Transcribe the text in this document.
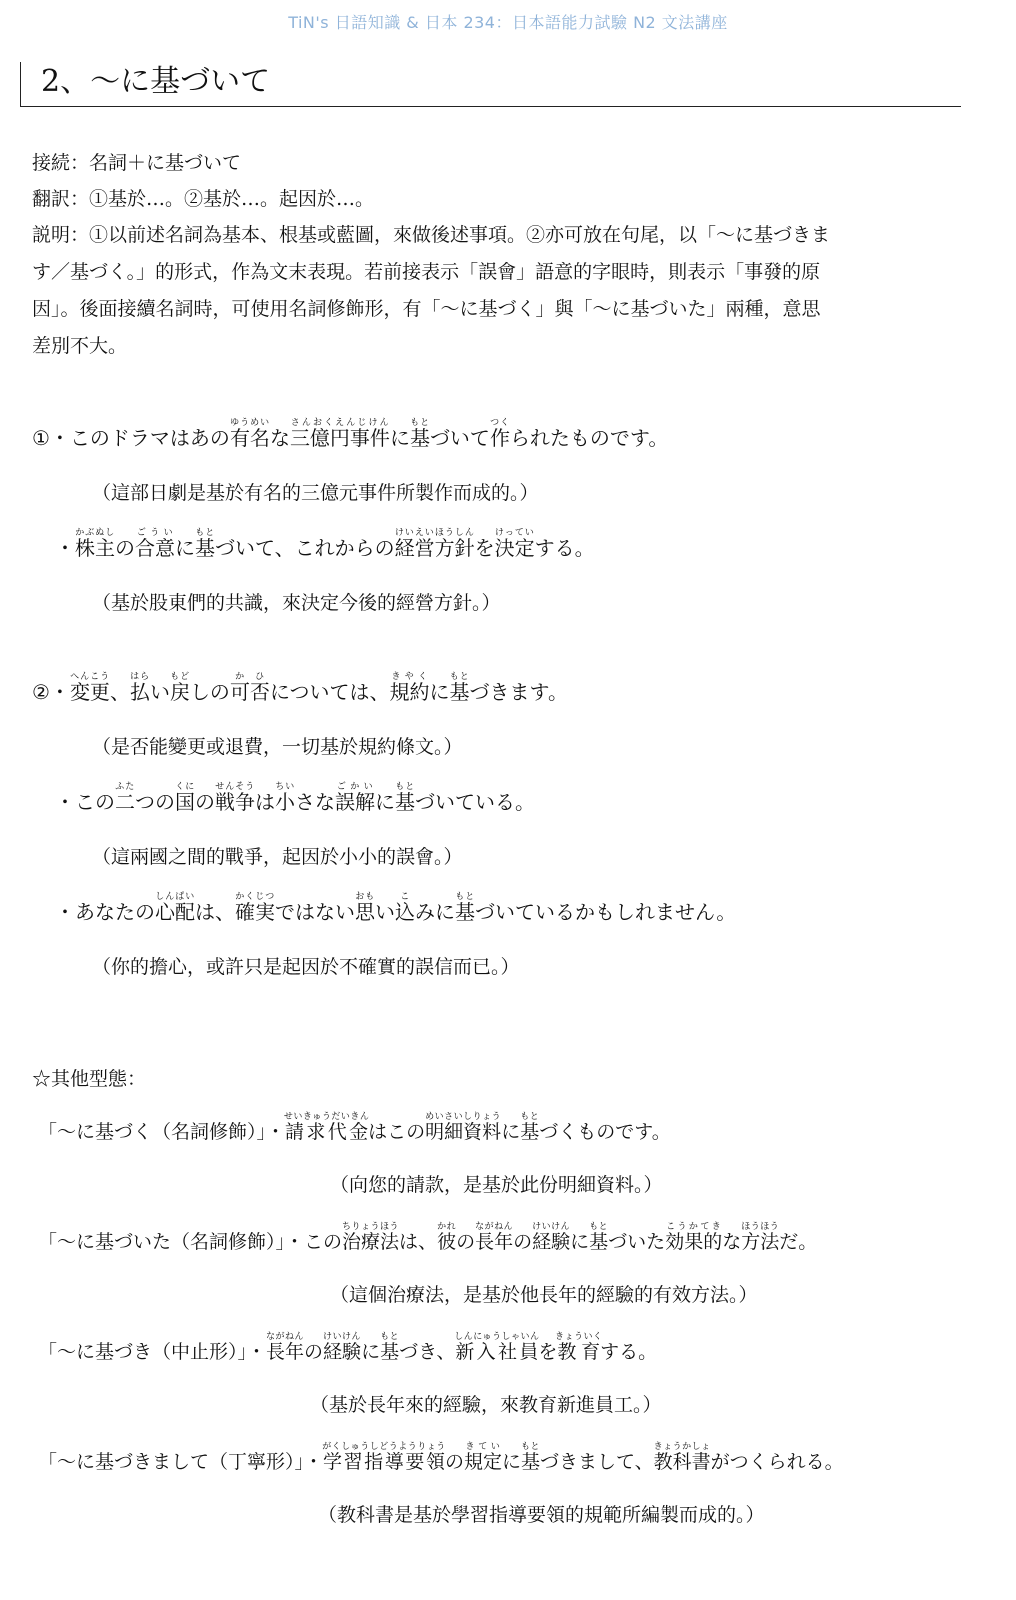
TiN's 日語知識 & 日本 234：日本語能力試驗 N2 文法講座
2、～に基づいて
接続：名詞＋に基づいて
翻訳：①基於…。②基於…。起因於…。
説明：①以前述名詞為基本、根基或藍圖，來做後述事項。②亦可放在句尾，以「～に基づきま
す／基づく。」的形式，作為文末表現。若前接表示「誤會」語意的字眼時，則表示「事發的原
因」。後面接續名詞時，可使用名詞修飾形，有「～に基づく」與「～に基づいた」兩種，意思
差別不大。
①・このドラマはあの有名ゆうめいな三億円事件さんおくえんじけんに基もとづいて作つくられたものです。
（這部日劇是基於有名的三億元事件所製作而成的。）
・株主かぶぬしの合意ごういに基もとづいて、これからの経営方針けいえいほうしんを決定けっていする。
（基於股東們的共識，來決定今後的經營方針。）
②・変更へんこう、払はらい戻もどしの可否かひについては、規約きやくに基もとづきます。
（是否能變更或退費，一切基於規約條文。）
・この二ふたつの国くにの戦争せんそうは小ちいさな誤解ごかいに基もとづいている。
（這兩國之間的戰爭，起因於小小的誤會。）
・あなたの心配しんぱいは、確実かくじつではない思おもい込こみに基もとづいているかもしれません。
（你的擔心，或許只是起因於不確實的誤信而已。）
☆其他型態：
「～に基づく（名詞修飾）」・請求代金せいきゅうだいきんはこの明細資料めいさいしりょうに基もとづくものです。
（向您的請款，是基於此份明細資料。）
「～に基づいた（名詞修飾）」・この治療法ちりょうほうは、彼かれの長年ながねんの経験けいけんに基もとづいた効果的こうかてきな方法ほうほうだ。
（這個治療法，是基於他長年的經驗的有效方法。）
「～に基づき（中止形）」・長年ながねんの経験けいけんに基もとづき、新入社員しんにゅうしゃいんを教育きょういくする。
（基於長年來的經驗，來教育新進員工。）
「～に基づきまして（丁寧形）」・学習指導要領がくしゅうしどうようりょうの規定きていに基もとづきまして、教科書きょうかしょがつくられる。
（教科書是基於學習指導要領的規範所編製而成的。）
